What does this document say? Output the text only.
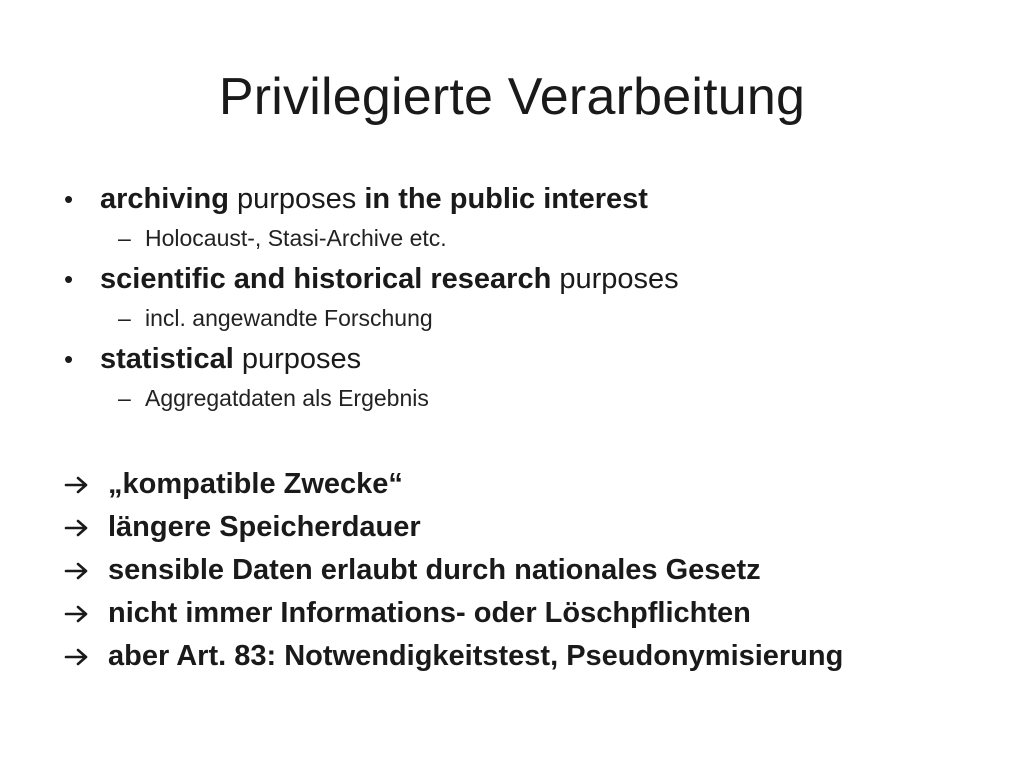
Privilegierte Verarbeitung
• archiving purposes in the public interest
– Holocaust-, Stasi-Archive etc.
• scientific and historical research purposes
– incl. angewandte Forschung
• statistical purposes
– Aggregatdaten als Ergebnis
„kompatible Zwecke“
längere Speicherdauer
sensible Daten erlaubt durch nationales Gesetz
nicht immer Informations- oder Löschpflichten
aber Art. 83: Notwendigkeitstest, Pseudonymisierung
